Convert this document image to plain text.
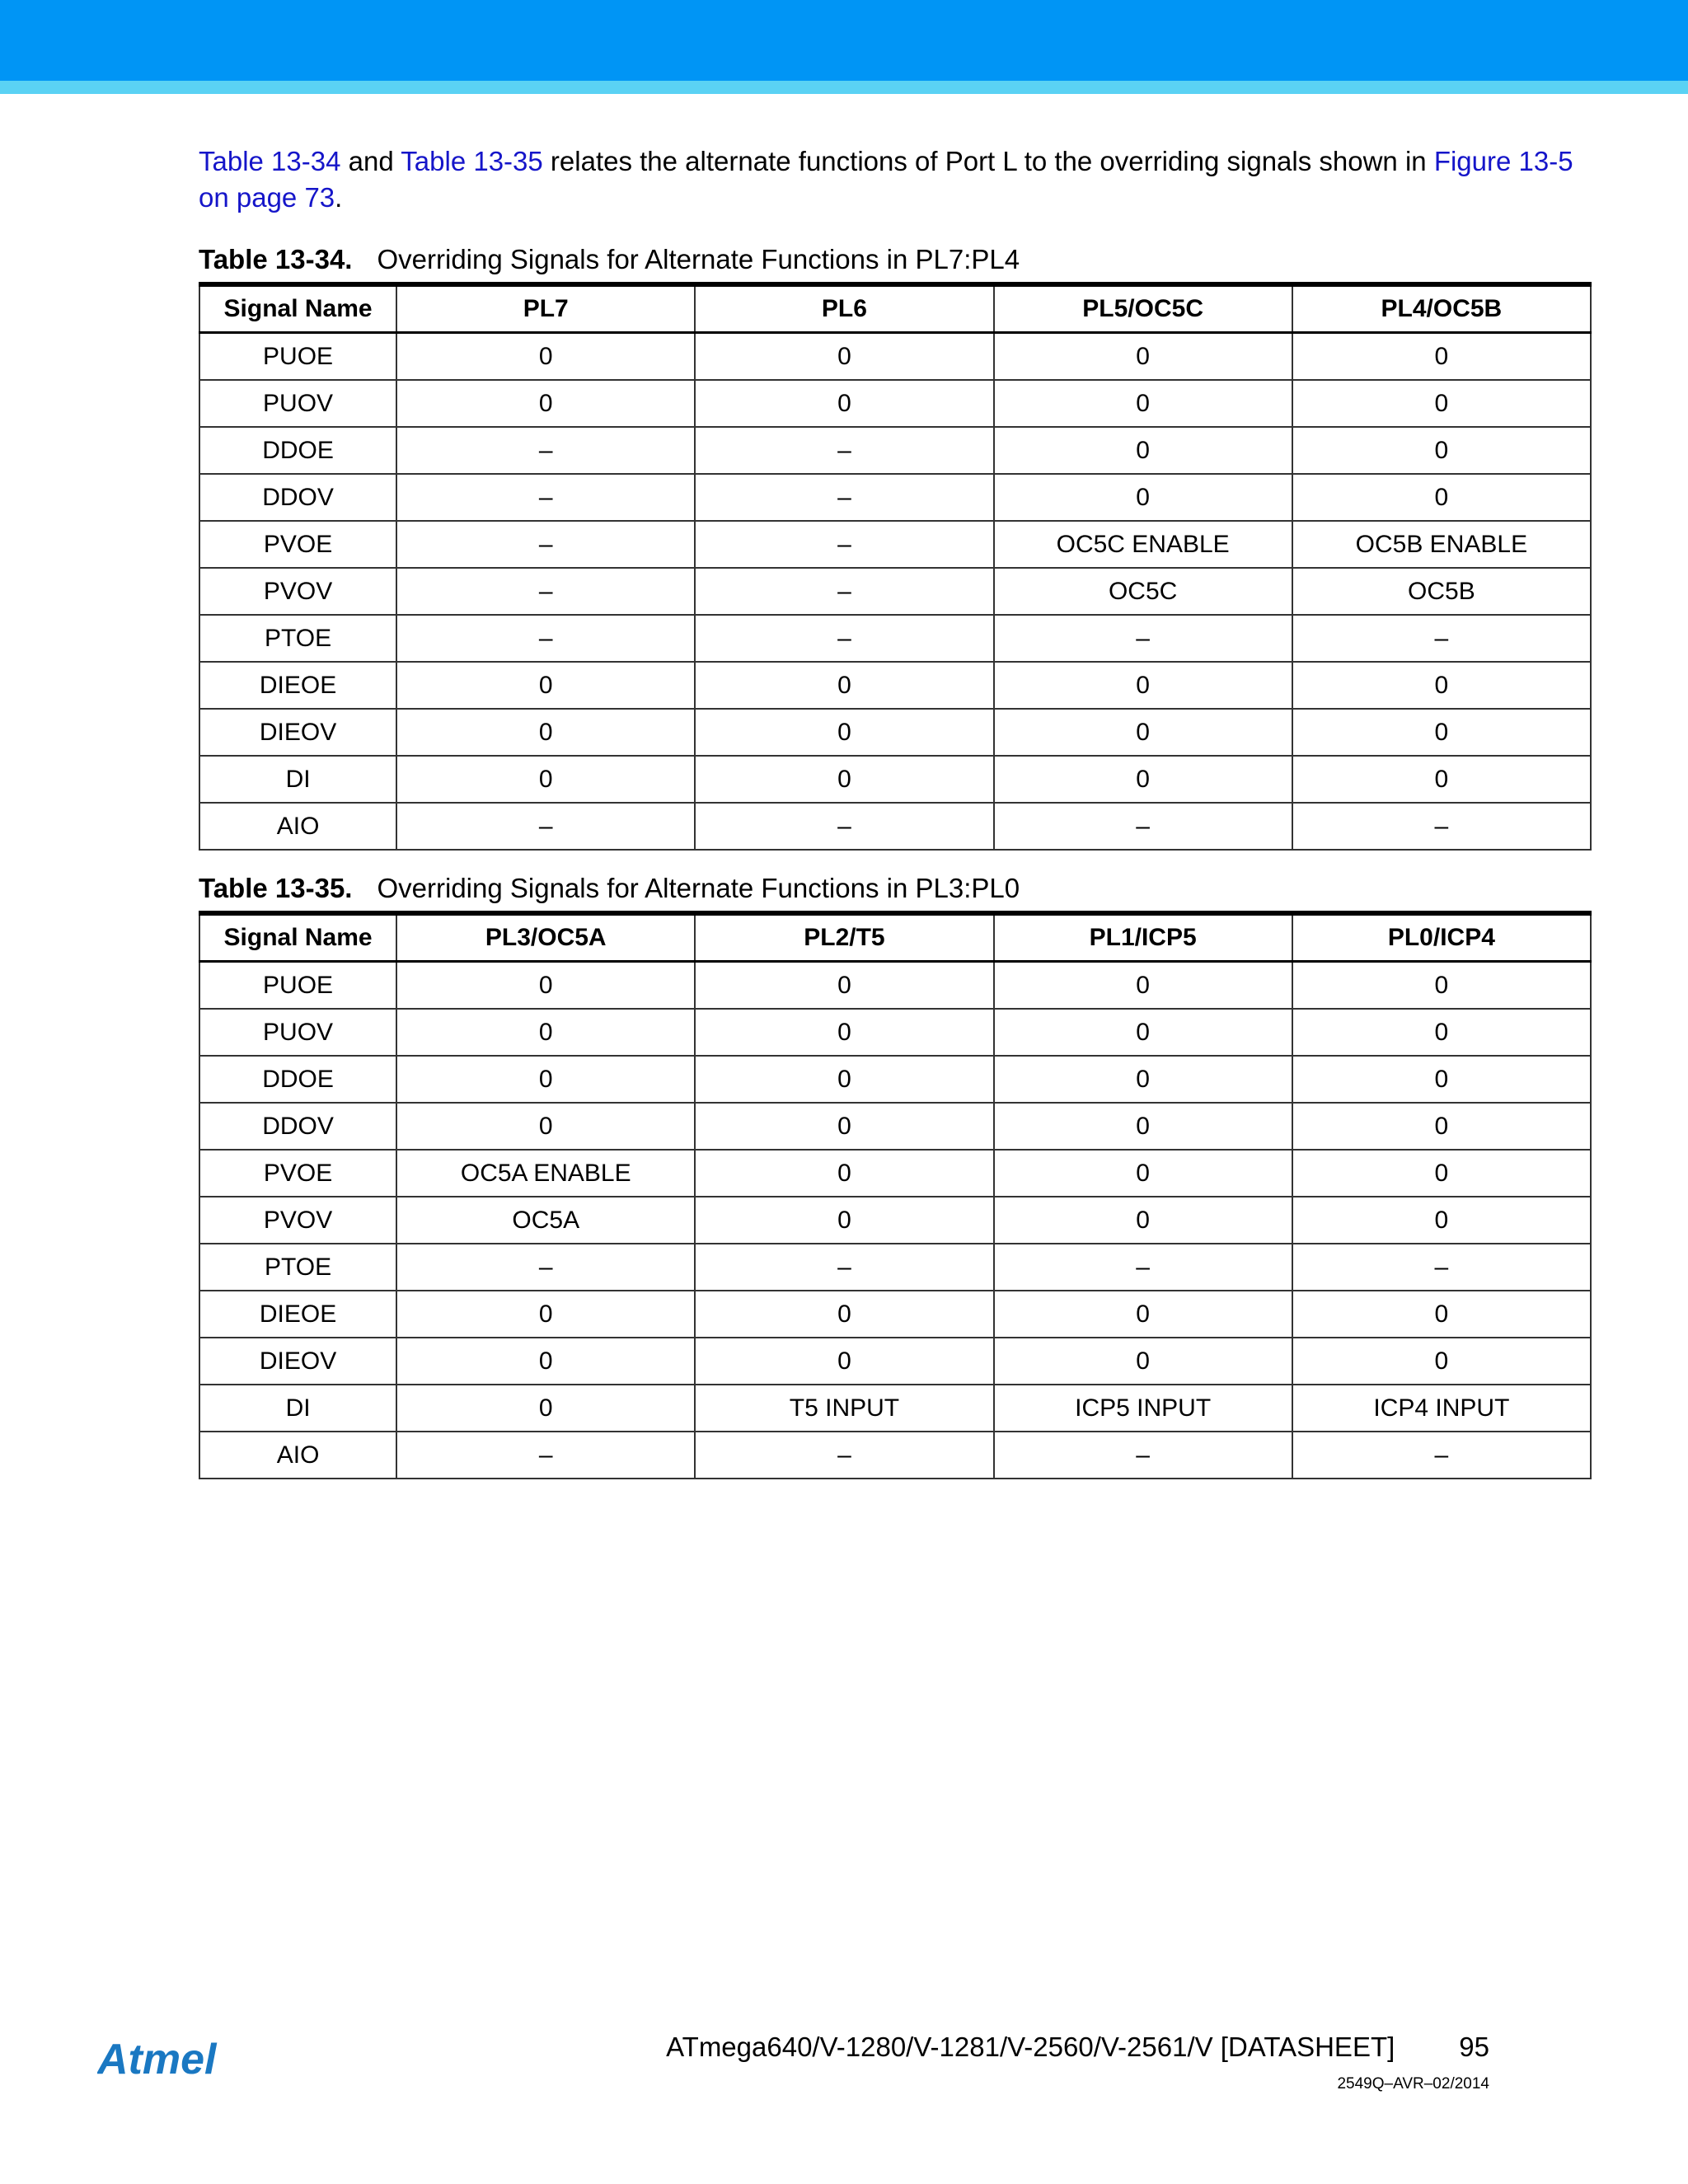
Table 13-34 and Table 13-35 relates the alternate functions of Port L to the overriding signals shown in Figure 13-5 on page 73.

Table 13-34. Overriding Signals for Alternate Functions in PL7:PL4
Signal Name	PL7	PL6	PL5/OC5C	PL4/OC5B
PUOE	0	0	0	0
PUOV	0	0	0	0
DDOE	–	–	0	0
DDOV	–	–	0	0
PVOE	–	–	OC5C ENABLE	OC5B ENABLE
PVOV	–	–	OC5C	OC5B
PTOE	–	–	–	–
DIEOE	0	0	0	0
DIEOV	0	0	0	0
DI	0	0	0	0
AIO	–	–	–	–
Table 13-35. Overriding Signals for Alternate Functions in PL3:PL0
Signal Name	PL3/OC5A	PL2/T5	PL1/ICP5	PL0/ICP4
PUOE	0	0	0	0
PUOV	0	0	0	0
DDOE	0	0	0	0
DDOV	0	0	0	0
PVOE	OC5A ENABLE	0	0	0
PVOV	OC5A	0	0	0
PTOE	–	–	–	–
DIEOE	0	0	0	0
DIEOV	0	0	0	0
DI	0	T5 INPUT	ICP5 INPUT	ICP4 INPUT
AIO	–	–	–	–
Atmel	ATmega640/V-1280/V-1281/V-2560/V-2561/V [DATASHEET] 95
2549Q–AVR–02/2014
